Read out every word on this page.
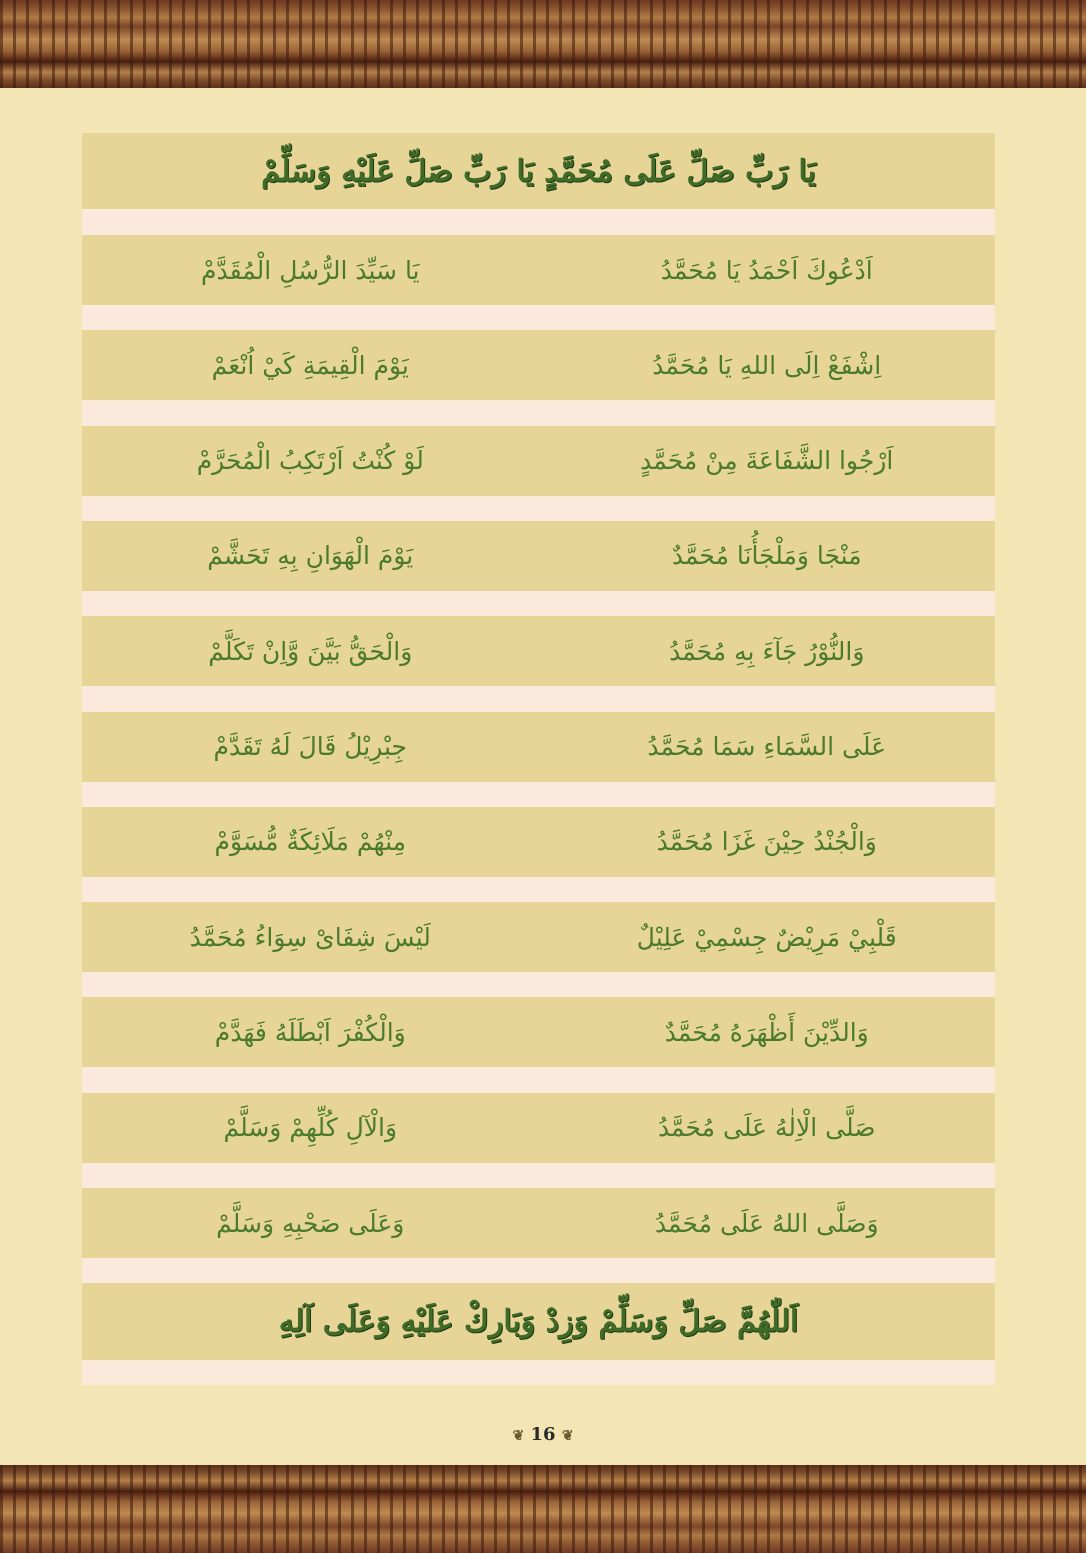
يَا رَبِّ صَلِّ عَلَى مُحَمَّدٍ يَا رَبِّ صَلِّ عَلَيْهِ وَسَلِّمْ
اَدْعُوكَ اَحْمَدُ يَا مُحَمَّدُ
يَا سَيِّدَ الرُّسُلِ الْمُقَدَّمْ
اِشْفَعْ اِلَى اللهِ يَا مُحَمَّدُ
يَوْمَ الْقِيمَةِ كَيْ اُنْعَمْ
اَرْجُوا الشَّفَاعَةَ مِنْ مُحَمَّدٍ
لَوْ كُنْتُ اَرْتَكِبُ الْمُحَرَّمْ
مَنْجَا وَمَلْجَأُنَا مُحَمَّدٌ
يَوْمَ الْهَوَانِ بِهِ تَحَشَّمْ
وَالنُّوْرُ جَآءَ بِهِ مُحَمَّدُ
وَالْحَقُّ بَيَّنَ وَّاِنْ تَكَلَّمْ
عَلَى السَّمَاءِ سَمَا مُحَمَّدُ
جِبْرِيْلُ قَالَ لَهُ تَقَدَّمْ
وَالْجُنْدُ حِيْنَ غَزَا مُحَمَّدُ
مِنْهُمْ مَلَائِكَةٌ مُّسَوَّمْ
قَلْبِيْ مَرِيْضٌ جِسْمِيْ عَلِيْلٌ
لَيْسَ شِفَاىْ سِوَاءُ مُحَمَّدُ
وَالدِّيْنَ أَظْهَرَهُ مُحَمَّدٌ
وَالْكُفْرَ اَبْطَلَهُ فَهَدَّمْ
صَلَّى الْاِلٰهُ عَلَى مُحَمَّدُ
وَالْآلِ كُلِّهِمْ وَسَلَّمْ
وَصَلَّى اللهُ عَلَى مُحَمَّدُ
وَعَلَى صَحْبِهِ وَسَلَّمْ
اَللّٰهُمَّ صَلِّ وَسَلِّمْ وَزِدْ وَبَارِكْ عَلَيْهِ وَعَلَى آلِهِ
❦ 16 ❦
